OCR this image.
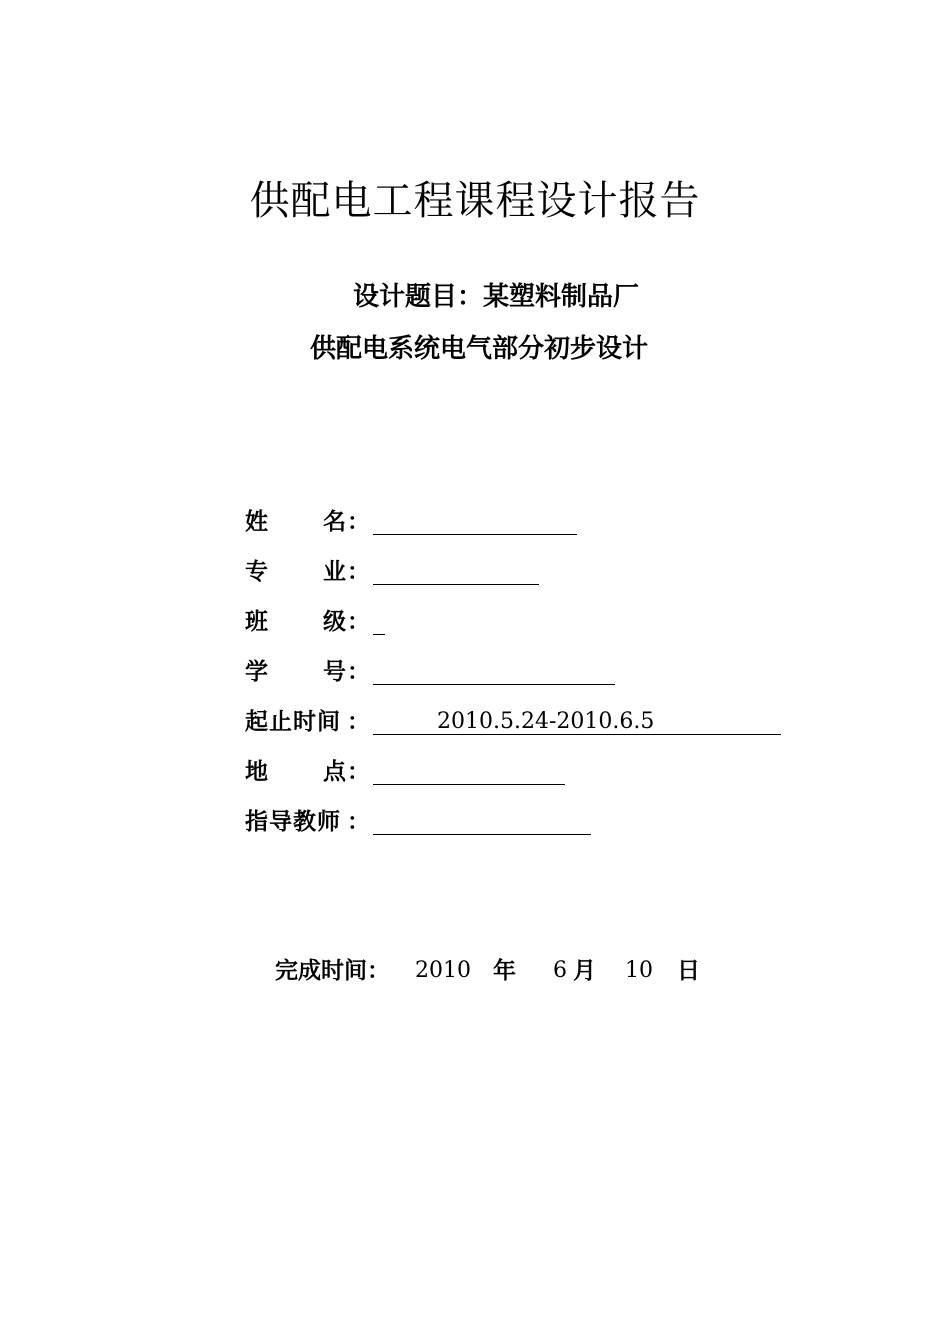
供配电工程课程设计报告
设计题目：某塑料制品厂
供配电系统电气部分初步设计
姓 名 ：
专 业 ：
班 级 ：
学 号 ：
起止时间 ：	2010.5.24-2010.6.5
地 点 ：
指导教师 ：
完成时间： 2010 年 6 月 10 日
